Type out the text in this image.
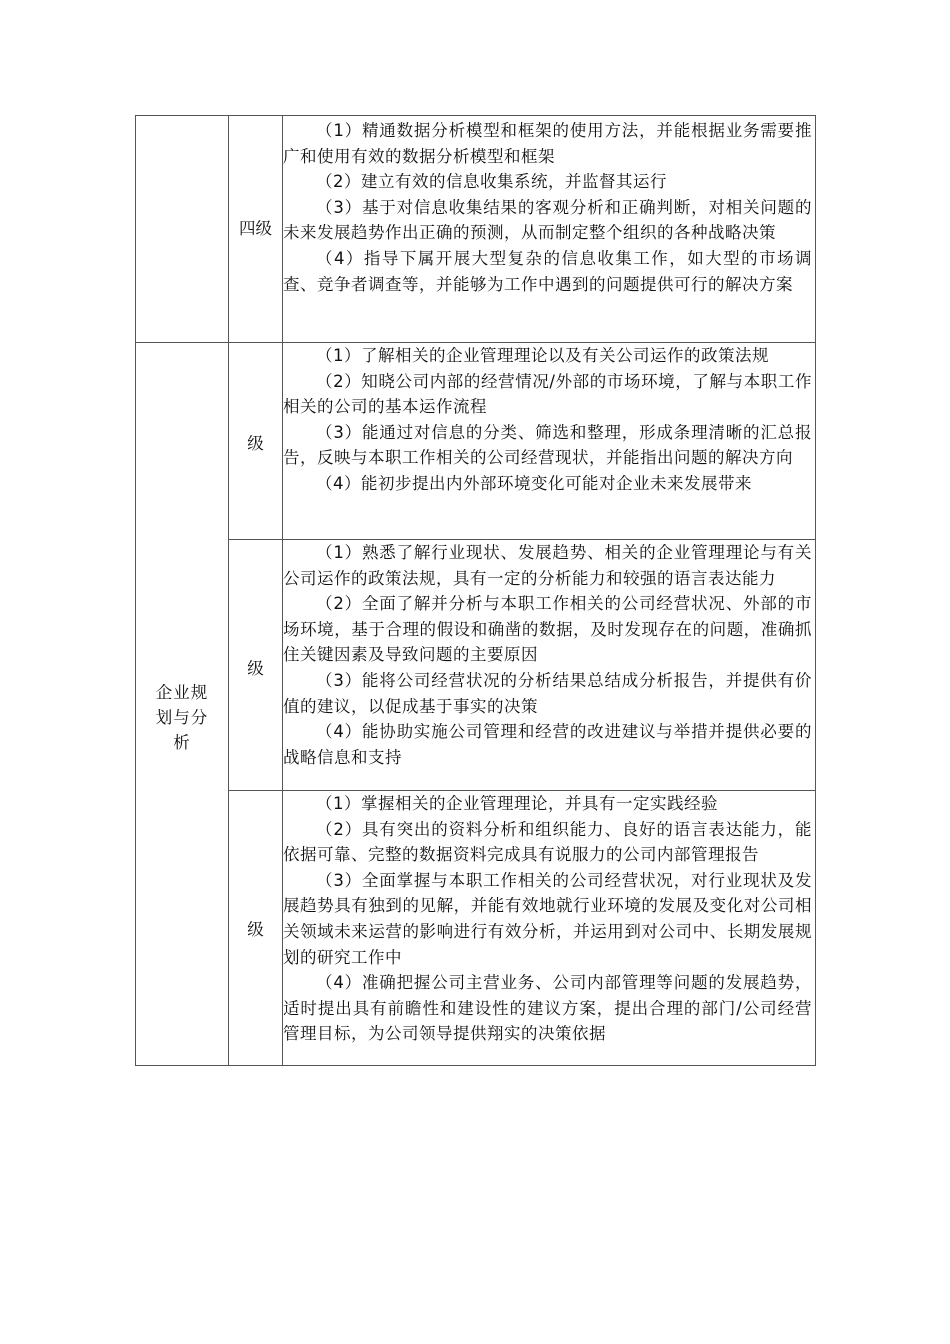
四级

（1）精通数据分析模型和框架的使用方法，并能根据业务需要推广和使用有效的数据分析模型和框架

（2）建立有效的信息收集系统，并监督其运行

（3）基于对信息收集结果的客观分析和正确判断，对相关问题的未来发展趋势作出正确的预测，从而制定整个组织的各种战略决策

（4）指导下属开展大型复杂的信息收集工作，如大型的市场调查、竞争者调查等，并能够为工作中遇到的问题提供可行的解决方案

企业规划与分析
级

（1）了解相关的企业管理理论以及有关公司运作的政策法规

（2）知晓公司内部的经营情况/外部的市场环境，了解与本职工作相关的公司的基本运作流程

（3）能通过对信息的分类、筛选和整理，形成条理清晰的汇总报告，反映与本职工作相关的公司经营现状，并能指出问题的解决方向

（4）能初步提出内外部环境变化可能对企业未来发展带来

级

（1）熟悉了解行业现状、发展趋势、相关的企业管理理论与有关公司运作的政策法规，具有一定的分析能力和较强的语言表达能力

（2）全面了解并分析与本职工作相关的公司经营状况、外部的市场环境，基于合理的假设和确凿的数据，及时发现存在的问题，准确抓住关键因素及导致问题的主要原因

（3）能将公司经营状况的分析结果总结成分析报告，并提供有价值的建议，以促成基于事实的决策

（4）能协助实施公司管理和经营的改进建议与举措并提供必要的战略信息和支持

级

（1）掌握相关的企业管理理论，并具有一定实践经验

（2）具有突出的资料分析和组织能力、良好的语言表达能力，能依据可靠、完整的数据资料完成具有说服力的公司内部管理报告

（3）全面掌握与本职工作相关的公司经营状况，对行业现状及发展趋势具有独到的见解，并能有效地就行业环境的发展及变化对公司相关领域未来运营的影响进行有效分析，并运用到对公司中、长期发展规划的研究工作中

（4）准确把握公司主营业务、公司内部管理等问题的发展趋势，适时提出具有前瞻性和建设性的建议方案，提出合理的部门/公司经营管理目标，为公司领导提供翔实的决策依据
